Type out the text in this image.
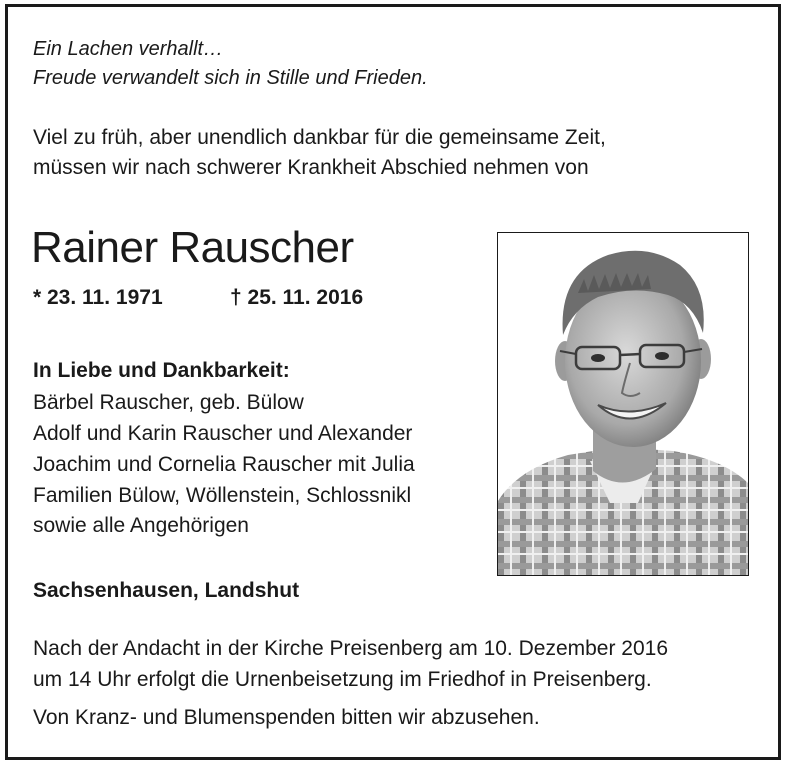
Ein Lachen verhallt…
Freude verwandelt sich in Stille und Frieden.
Viel zu früh, aber unendlich dankbar für die gemeinsame Zeit,
müssen wir nach schwerer Krankheit Abschied nehmen von
Rainer Rauscher
* 23. 11. 1971	† 25. 11. 2016
In Liebe und Dankbarkeit:
Bärbel Rauscher, geb. Bülow
Adolf und Karin Rauscher und Alexander
Joachim und Cornelia Rauscher mit Julia
Familien Bülow, Wöllenstein, Schlossnikl
sowie alle Angehörigen
Sachsenhausen, Landshut
Nach der Andacht in der Kirche Preisenberg am 10. Dezember 2016
um 14 Uhr erfolgt die Urnenbeisetzung im Friedhof in Preisenberg.
Von Kranz- und Blumenspenden bitten wir abzusehen.
